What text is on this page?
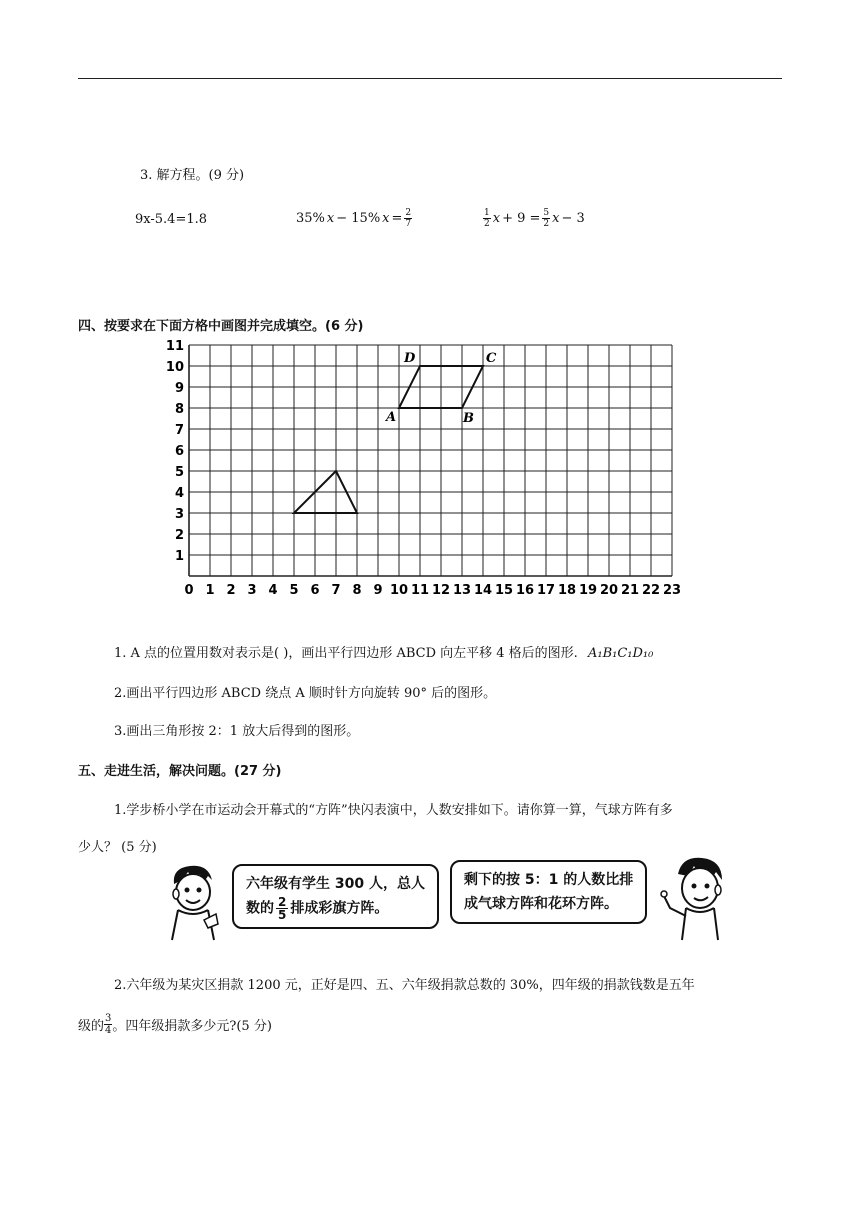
3. 解方程。(9 分)
9x-5.4=1.8	35% x − 15% $x = \frac{2}{7}$	$\frac{1}{2}$ $x + 9 = \frac{5}{2}$ x − 3
四、按要求在下面方格中画图并完成填空。(6 分)
0 1 2 3 4 5 6 7 8 9 10 11 12 13 14 15 16 17 18 19 20 21 22 23
1
2
3
4
5
6
7
8
9
10
11
A	B
C
D
1. A 点的位置用数对表示是( )，画出平行四边形 ABCD 向左平移 4 格后的图形. A₁B₁C₁D₁₀
2.画出平行四边形 ABCD 绕点 A 顺时针方向旋转 90° 后的图形。
3.画出三角形按 2：1 放大后得到的图形。
五、走进生活，解决问题。(27 分)
1.学步桥小学在市运动会开幕式的“方阵”快闪表演中，人数安排如下。请你算一算，气球方阵有多
少人？ (5 分)
六年级有学生 300 人，总人
数的 $\frac{2}{5}$ 排成彩旗方阵。
剩下的按 5：1 的人数比排
成气球方阵和花环方阵。
2.六年级为某灾区捐款 1200 元，正好是四、五、六年级捐款总数的 30%，四年级的捐款钱数是五年
级的 $\frac{3}{4}$ 。四年级捐款多少元?(5 分)
